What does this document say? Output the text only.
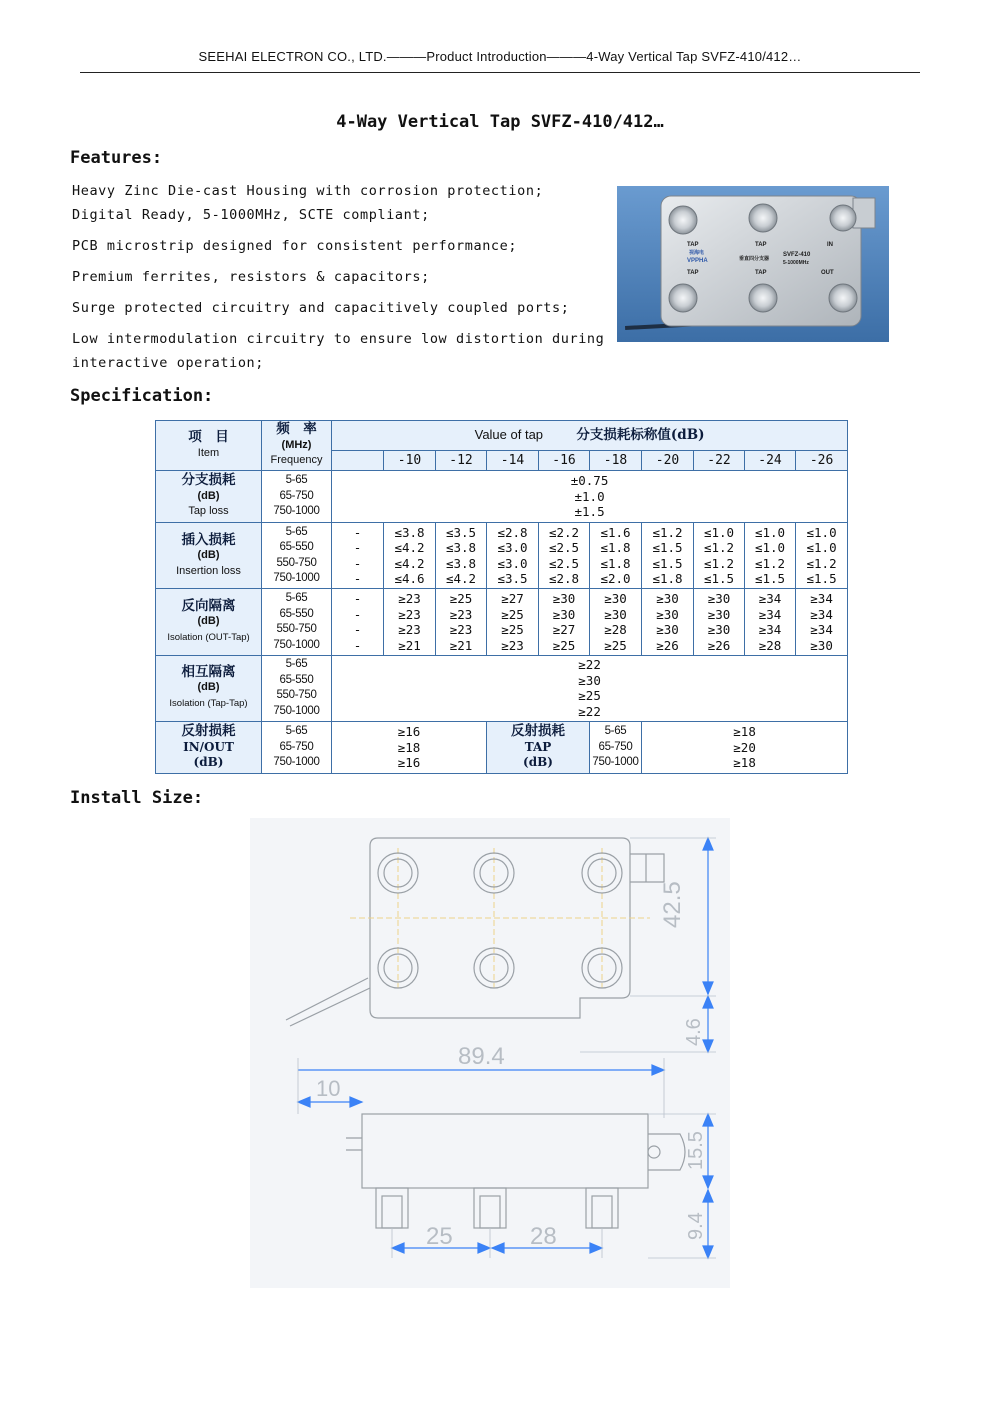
SEEHAI ELECTRON CO., LTD.———Product Introduction———4-Way Vertical Tap SVFZ-410/412…
4-Way Vertical Tap SVFZ-410/412…
Features:

Heavy Zinc Die-cast Housing with corrosion protection; Digital Ready, 5-1000MHz, SCTE compliant;

PCB microstrip designed for consistent performance;

Premium ferrites, resistors & capacitors;

Surge protected circuitry and capacitively coupled ports;

Low intermodulation circuitry to ensure low distortion during interactive operation;

TAP	TAP	IN
TAP	TAP	OUT
SVFZ-410
5-1000MHz
VPPHA
视海电
垂直四分支器
Specification:
项　目
Item	频　率
(MHz)
Frequency	Value of tap 分支损耗标称值(dB)									
			-10	-12	-14	-16	-18	-20	-22	-24	-26

分支损耗
(dB)
Tap loss	5-65
65-750
750-1000	±0.75
±1.0
±1.5									

插入损耗
(dB)
Insertion loss	5-65
65-550
550-750
750-1000	-
-
-
-	≤3.8
≤4.2
≤4.2
≤4.6	≤3.5
≤3.8
≤3.8
≤4.2	≤2.8
≤3.0
≤3.0
≤3.5	≤2.2
≤2.5
≤2.5
≤2.8	≤1.6
≤1.8
≤1.8
≤2.0	≤1.2
≤1.5
≤1.5
≤1.8	≤1.0
≤1.2
≤1.2
≤1.5	≤1.0
≤1.0
≤1.2
≤1.5	≤1.0
≤1.0
≤1.2
≤1.5

反向隔离
(dB)
Isolation (OUT-Tap)	5-65
65-550
550-750
750-1000	-
-
-
-	≥23
≥23
≥23
≥21	≥25
≥23
≥23
≥21	≥27
≥25
≥25
≥23	≥30
≥30
≥27
≥25	≥30
≥30
≥28
≥25	≥30
≥30
≥30
≥26	≥30
≥30
≥30
≥26	≥34
≥34
≥34
≥28	≥34
≥34
≥34
≥30

相互隔离
(dB)
Isolation (Tap-Tap)	5-65
65-550
550-750
750-1000	≥22
≥30
≥25
≥22									

反射损耗
IN/OUT
(dB)	5-65
65-750
750-1000	≥16
≥18
≥16			反射损耗
TAP
(dB)		5-65
65-750
750-1000	≥18
≥20
≥18			
Install Size:
42.5
4.6
89.4
10
15.5
9.4
25	28
